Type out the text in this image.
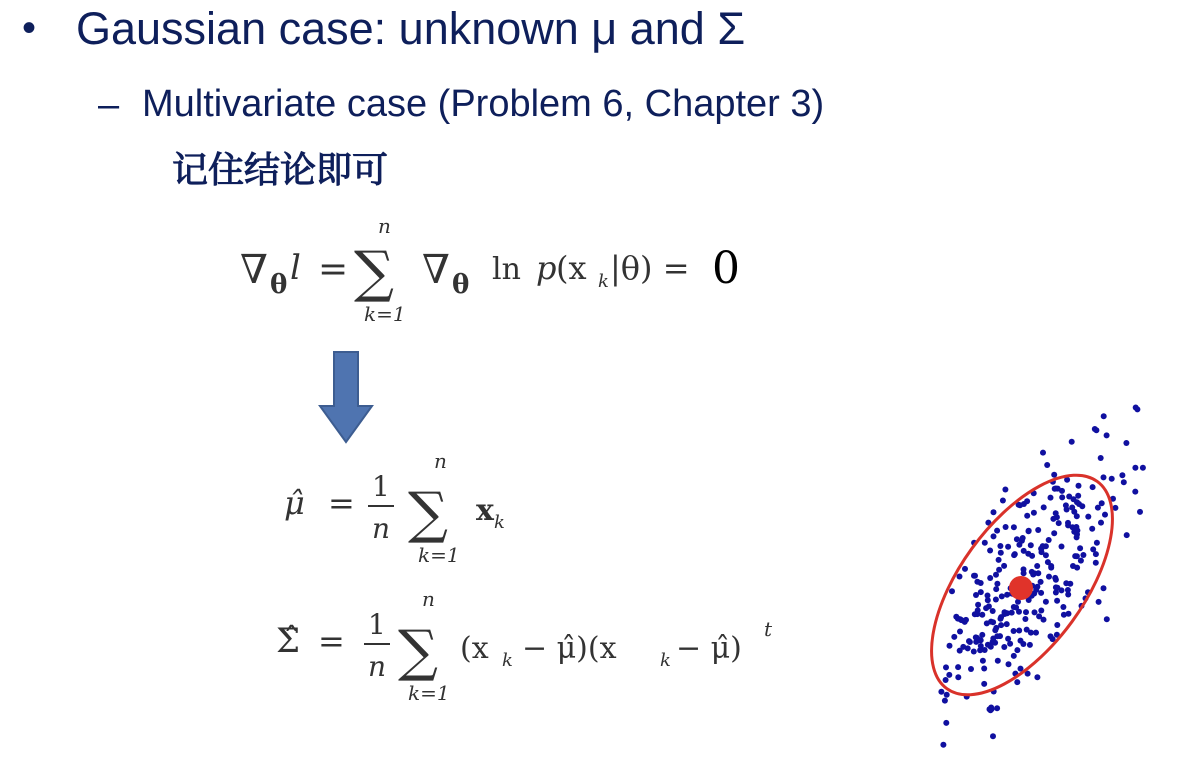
• Gaussian case: unknown μ and Σ
– Multivariate case (Problem 6, Chapter 3)
记住结论即可
∇ θ l = ∑
n
k=1
∇ θ ln p (x k |θ) = 0
μ̂ = 1
n ∑
n
k=1
x k
Σ̂ = 1
n ∑
n
k=1
(x k − μ̂)(x k − μ̂)
t
